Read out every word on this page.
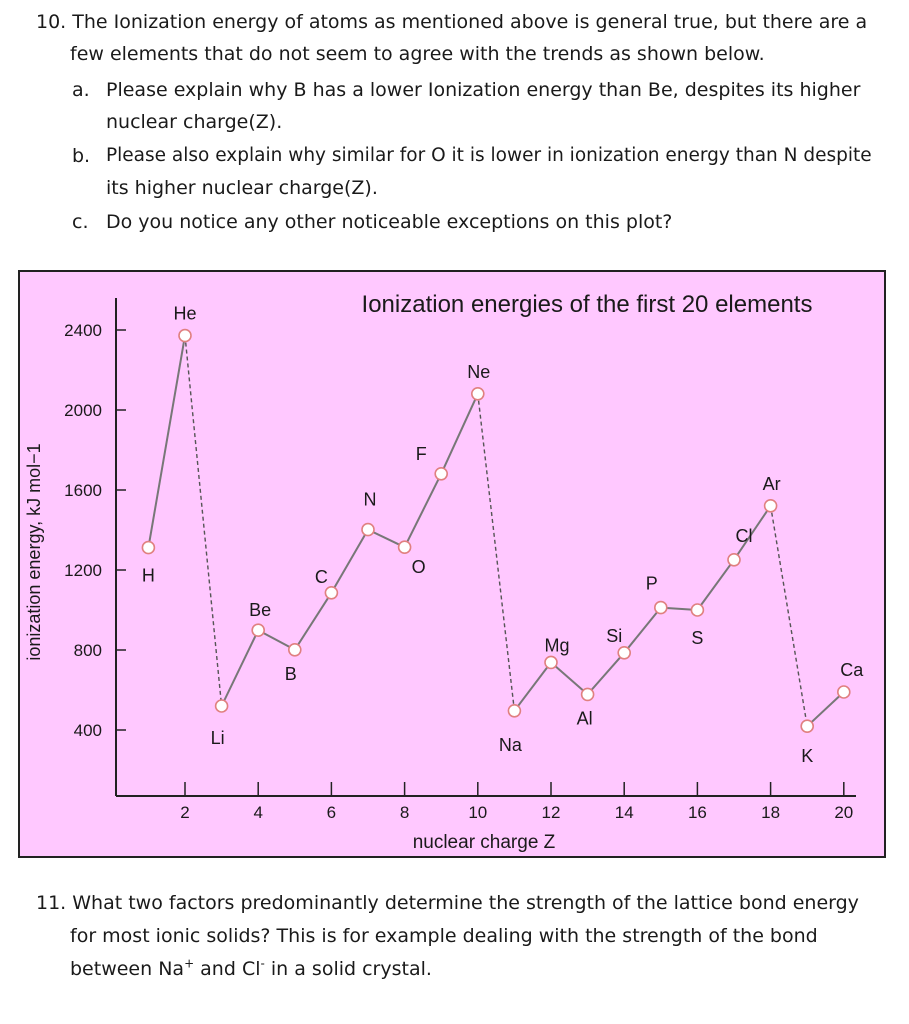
10. The Ionization energy of atoms as mentioned above is general true, but there are a
few elements that do not seem to agree with the trends as shown below.
a. Please explain why B has a lower Ionization energy than Be, despites its higher
nuclear charge(Z).
b. Please also explain why similar for O it is lower in ionization energy than N despite
its higher nuclear charge(Z).
c. Do you notice any other noticeable exceptions on this plot?
400
800
1200
1600
2000
2400
2	4	6	8	10	12	14	16	18	20
nuclear charge Z
ionization energy, kJ mol−1
Ionization energies of the first 20 elements
H
He
Li
Be
B
C
N
O
F
Ne
Na
Mg
Al
Si
P
S
Cl
Ar
K
Ca
11. What two factors predominantly determine the strength of the lattice bond energy
for most ionic solids? This is for example dealing with the strength of the bond
between Na+ and Cl- in a solid crystal.
